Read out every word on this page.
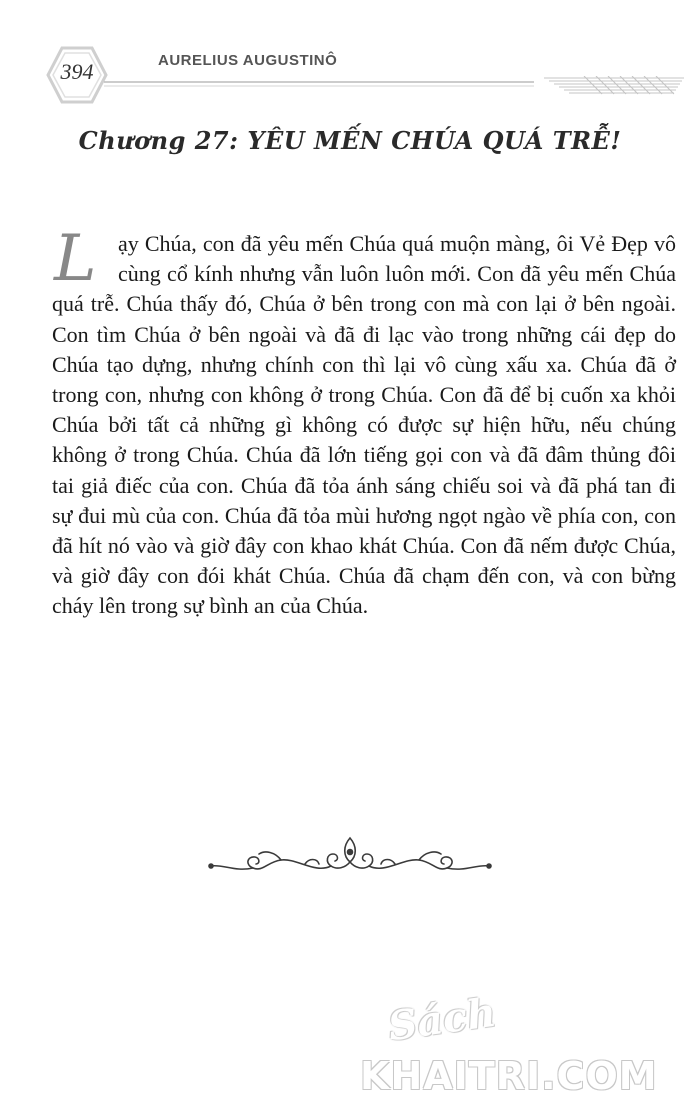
394	AURELIUS AUGUSTINÔ
Chương 27: YÊU MẾN CHÚA QUÁ TRỄ!
L ạy Chúa, con đã yêu mến Chúa quá muộn màng, ôi Vẻ Đẹp vô cùng cổ kính nhưng vẫn luôn luôn mới. Con đã yêu mến Chúa quá trễ. Chúa thấy đó, Chúa ở bên trong con mà con lại ở bên ngoài. Con tìm Chúa ở bên ngoài và đã đi lạc vào trong những cái đẹp do Chúa tạo dựng, nhưng chính con thì lại vô cùng xấu xa. Chúa đã ở trong con, nhưng con không ở trong Chúa. Con đã để bị cuốn xa khỏi Chúa bởi tất cả những gì không có được sự hiện hữu, nếu chúng không ở trong Chúa. Chúa đã lớn tiếng gọi con và đã đâm thủng đôi tai giả điếc của con. Chúa đã tỏa ánh sáng chiếu soi và đã phá tan đi sự đui mù của con. Chúa đã tỏa mùi hương ngọt ngào về phía con, con đã hít nó vào và giờ đây con khao khát Chúa. Con đã nếm được Chúa, và giờ đây con đói khát Chúa. Chúa đã chạm đến con, và con bừng cháy lên trong sự bình an của Chúa.
Sách
KHAITRI.COM
